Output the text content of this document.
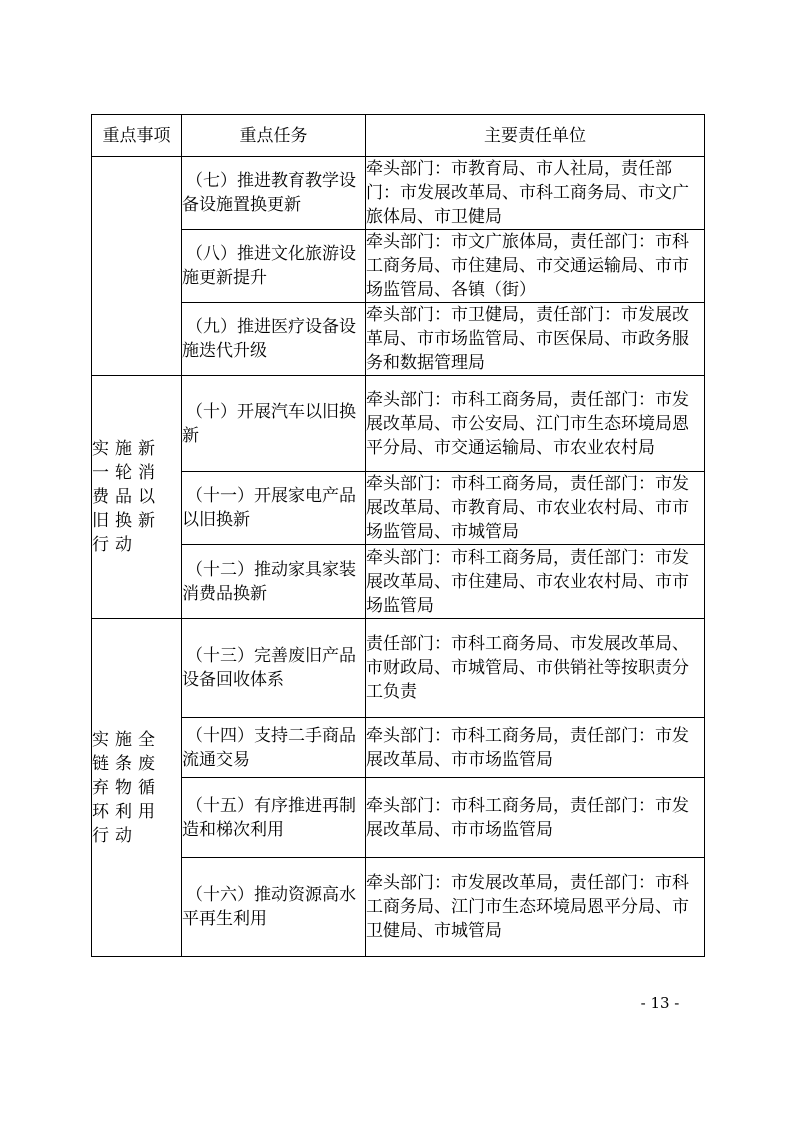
重点事项	重点任务	主要责任单位
	（七）推进教育教学设备设施置换更新	牵头部门：市教育局、市人社局，责任部门：市发展改革局、市科工商务局、市文广旅体局、市卫健局
	（八）推进文化旅游设施更新提升	牵头部门：市文广旅体局，责任部门：市科工商务局、市住建局、市交通运输局、市市场监管局、各镇（街）
	（九）推进医疗设备设施迭代升级	牵头部门：市卫健局，责任部门：市发展改革局、市市场监管局、市医保局、市政务服务和数据管理局
实施新一轮消费品以旧换新行动	（十）开展汽车以旧换新	牵头部门：市科工商务局，责任部门：市发展改革局、市公安局、江门市生态环境局恩平分局、市交通运输局、市农业农村局
	（十一）开展家电产品以旧换新	牵头部门：市科工商务局，责任部门：市发展改革局、市教育局、市农业农村局、市市场监管局、市城管局
	（十二）推动家具家装消费品换新	牵头部门：市科工商务局，责任部门：市发展改革局、市住建局、市农业农村局、市市场监管局
实施全链条废弃物循环利用行动	（十三）完善废旧产品设备回收体系	责任部门：市科工商务局、市发展改革局、市财政局、市城管局、市供销社等按职责分工负责
	（十四）支持二手商品流通交易	牵头部门：市科工商务局，责任部门：市发展改革局、市市场监管局
	（十五）有序推进再制造和梯次利用	牵头部门：市科工商务局，责任部门：市发展改革局、市市场监管局
	（十六）推动资源高水平再生利用	牵头部门：市发展改革局，责任部门：市科工商务局、江门市生态环境局恩平分局、市卫健局、市城管局
- 13 -
